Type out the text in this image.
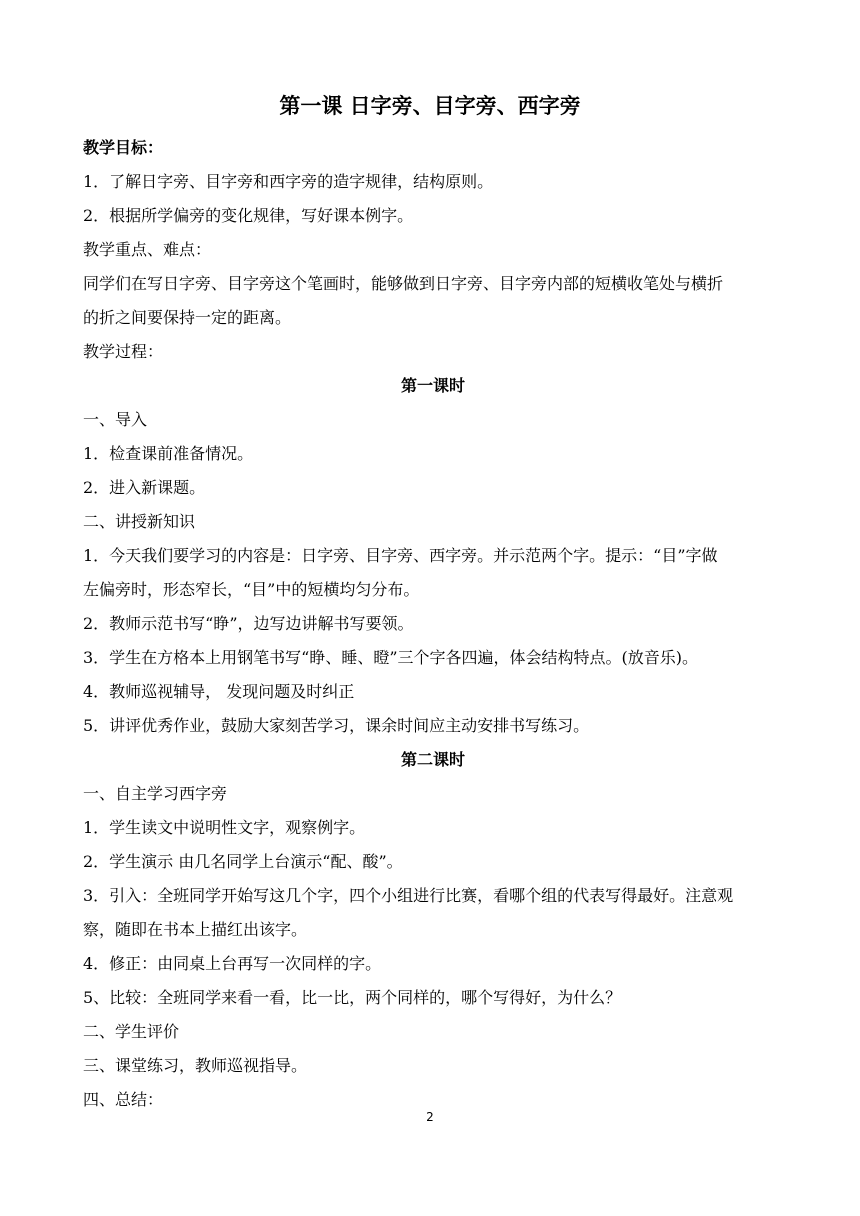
第一课 日字旁、目字旁、西字旁
教学目标：
1．了解日字旁、目字旁和西字旁的造字规律，结构原则。
2．根据所学偏旁的变化规律，写好课本例字。
教学重点、难点：
同学们在写日字旁、目字旁这个笔画时，能够做到日字旁、目字旁内部的短横收笔处与横折
的折之间要保持一定的距离。
教学过程：
第一课时
一、导入
1．检查课前准备情况。
2．进入新课题。
二、讲授新知识
1．今天我们要学习的内容是：日字旁、目字旁、西字旁。并示范两个字。提示：“目”字做
左偏旁时，形态窄长，“目”中的短横均匀分布。
2．教师示范书写“睁”，边写边讲解书写要领。
3．学生在方格本上用钢笔书写“睁、睡、瞪”三个字各四遍，体会结构特点。(放音乐)。
4．教师巡视辅导， 发现问题及时纠正
5．讲评优秀作业，鼓励大家刻苦学习，课余时间应主动安排书写练习。
第二课时
一、自主学习西字旁
1．学生读文中说明性文字，观察例字。
2．学生演示 由几名同学上台演示“配、酸”。
3．引入：全班同学开始写这几个字，四个小组进行比赛，看哪个组的代表写得最好。注意观
察，随即在书本上描红出该字。
4．修正：由同桌上台再写一次同样的字。
5、比较：全班同学来看一看，比一比，两个同样的，哪个写得好，为什么？
二、学生评价
三、课堂练习，教师巡视指导。
四、总结：
2
